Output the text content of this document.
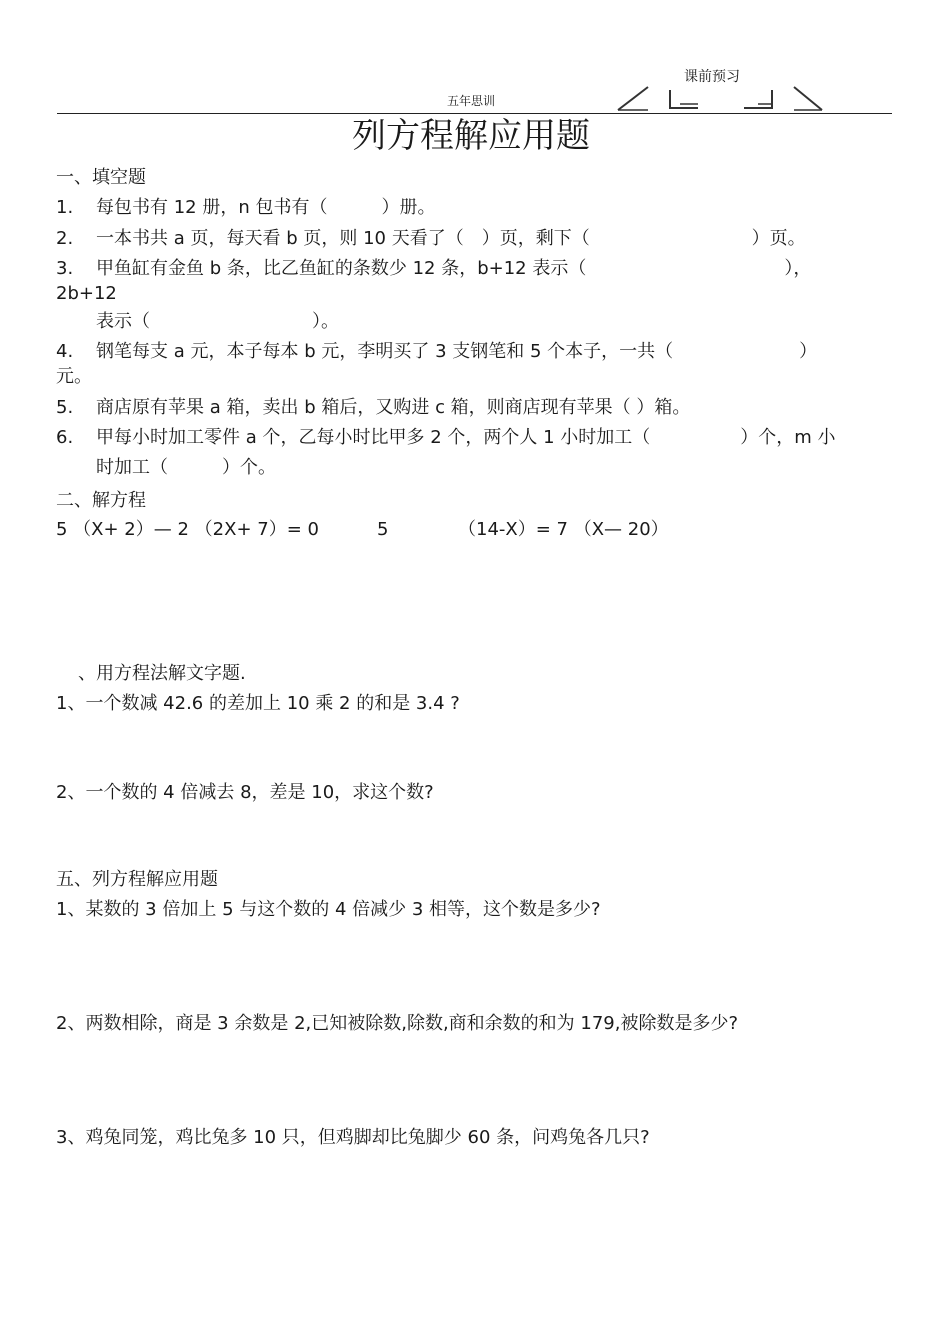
五年思训
课前预习
列方程解应用题
一、填空题
1. 每包书有 12 册，n 包书有（　　　）册。
2. 一本书共 a 页，每天看 b 页，则 10 天看了（　）页，剩下（　　　　　　　　　）页。
3. 甲鱼缸有金鱼 b 条，比乙鱼缸的条数少 12 条，b+12 表示（　　　　　　　　　　　），
2b+12
表示（　　　　　　　　　）。
4. 钢笔每支 a 元，本子每本 b 元，李明买了 3 支钢笔和 5 个本子，一共（　　　　　　　）
元。
5. 商店原有苹果 a 箱，卖出 b 箱后，又购进 c 箱，则商店现有苹果（ ）箱。
6. 甲每小时加工零件 a 个，乙每小时比甲多 2 个，两个人 1 小时加工（　　　　　）个，m 小
时加工（　　　）个。
二、解方程
5 （X+ 2）— 2 （2X+ 7）= 0	5	（14-X）= 7 （X— 20）
、用方程法解文字题.
1、一个数减 42.6 的差加上 10 乘 2 的和是 3.4 ?
2、一个数的 4 倍减去 8，差是 10，求这个数?
五、列方程解应用题
1、某数的 3 倍加上 5 与这个数的 4 倍减少 3 相等，这个数是多少?
2、两数相除，商是 3 余数是 2,已知被除数,除数,商和余数的和为 179,被除数是多少?
3、鸡兔同笼，鸡比兔多 10 只，但鸡脚却比兔脚少 60 条，问鸡兔各几只?
